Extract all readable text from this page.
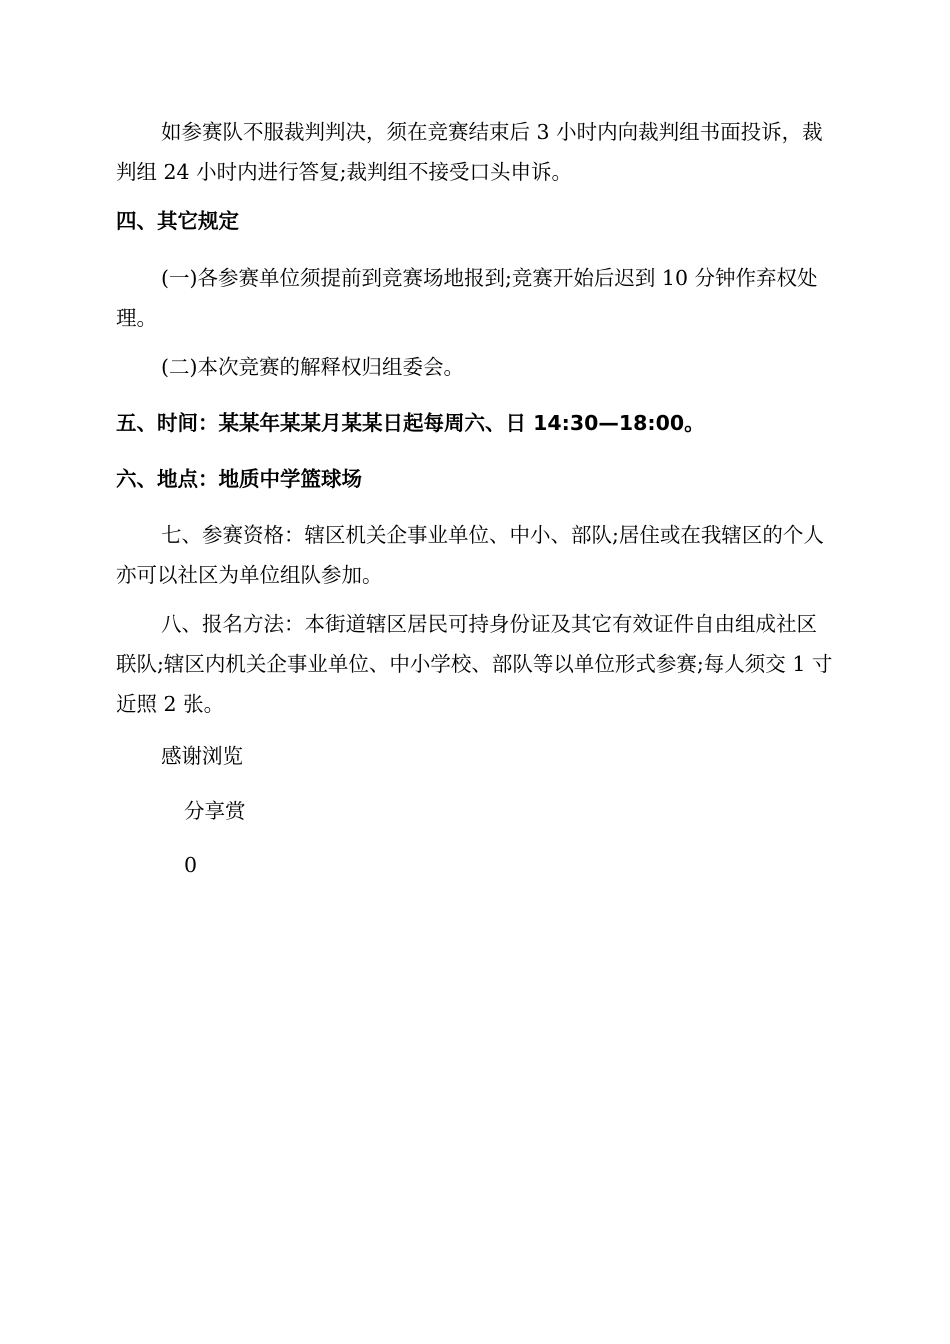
如参赛队不服裁判判决，须在竞赛结束后 3 小时内向裁判组书面投诉，裁判组 24 小时内进行答复;裁判组不接受口头申诉。

四、其它规定

(一)各参赛单位须提前到竞赛场地报到;竞赛开始后迟到 10 分钟作弃权处理。

(二)本次竞赛的解释权归组委会。

五、时间：某某年某某月某某日起每周六、日 14:30—18:00。

六、地点：地质中学篮球场

七、参赛资格：辖区机关企事业单位、中小、部队;居住或在我辖区的个人亦可以社区为单位组队参加。

八、报名方法：本街道辖区居民可持身份证及其它有效证件自由组成社区联队;辖区内机关企事业单位、中小学校、部队等以单位形式参赛;每人须交 1 寸近照 2 张。

感谢浏览

分享赏

0
